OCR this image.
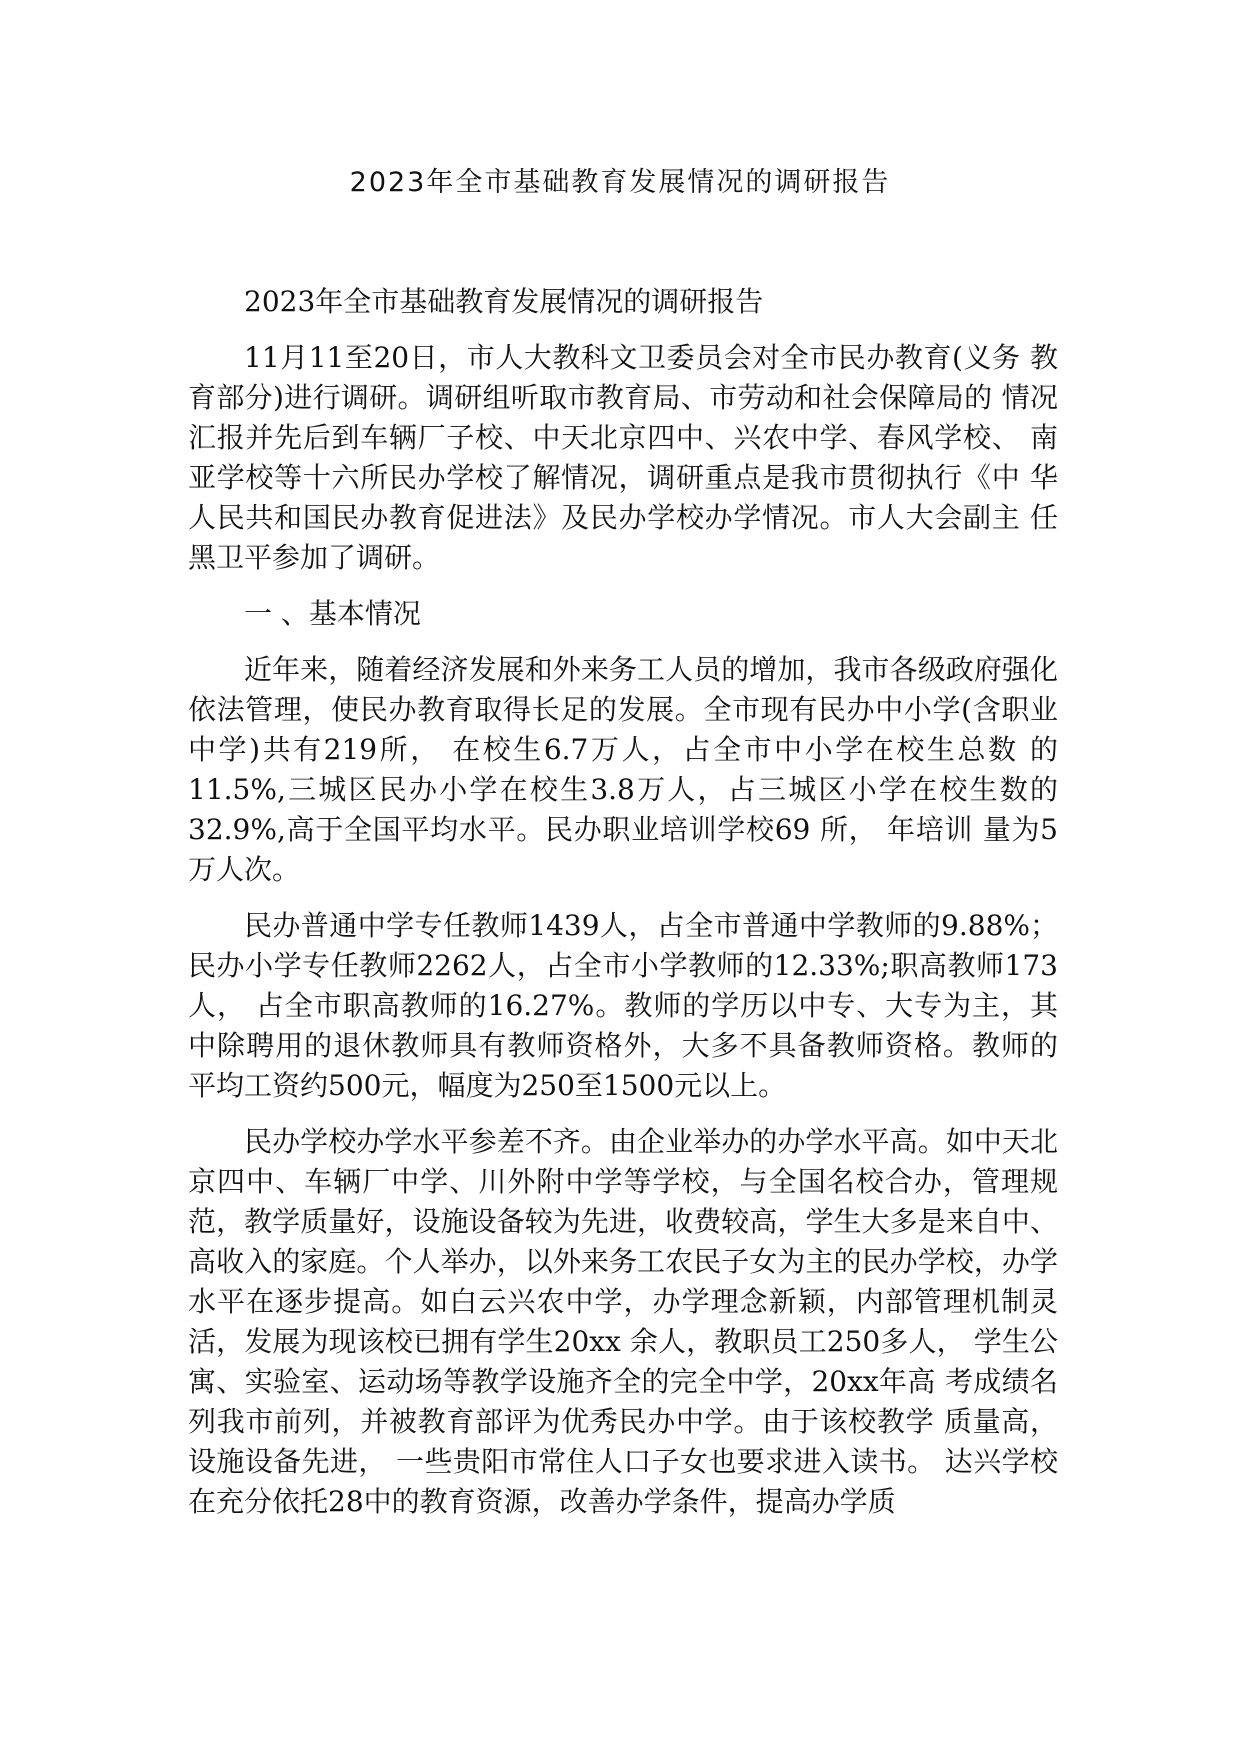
2023年全市基础教育发展情况的调研报告

2023年全市基础教育发展情况的调研报告

11月11至20日，市人大教科文卫委员会对全市民办教育(义务 教育部分)进行调研。调研组听取市教育局、市劳动和社会保障局的 情况汇报并先后到车辆厂子校、中天北京四中、兴农中学、春风学校、 南亚学校等十六所民办学校了解情况，调研重点是我市贯彻执行《中 华人民共和国民办教育促进法》及民办学校办学情况。市人大会副主 任黑卫平参加了调研。

一 、基本情况

近年来，随着经济发展和外来务工人员的增加，我市各级政府强化依法管理，使民办教育取得长足的发展。全市现有民办中小学(含职业中学)共有219所， 在校生6.7万人，占全市中小学在校生总数 的11.5%,三城区民办小学在校生3.8万人，占三城区小学在校生数的32.9%,高于全国平均水平。民办职业培训学校69 所， 年培训 量为5万人次。

民办普通中学专任教师1439人，占全市普通中学教师的9.88%； 民办小学专任教师2262人，占全市小学教师的12.33%;职高教师173 人， 占全市职高教师的16.27%。教师的学历以中专、大专为主，其 中除聘用的退休教师具有教师资格外，大多不具备教师资格。教师的 平均工资约500元，幅度为250至1500元以上。

民办学校办学水平参差不齐。由企业举办的办学水平高。如中天北京四中、车辆厂中学、川外附中学等学校，与全国名校合办，管理规范，教学质量好，设施设备较为先进，收费较高，学生大多是来自中、高收入的家庭。个人举办，以外来务工农民子女为主的民办学校，办学水平在逐步提高。如白云兴农中学，办学理念新颖，内部管理机制灵活，发展为现该校已拥有学生20xx 余人，教职员工250多人， 学生公寓、实验室、运动场等教学设施齐全的完全中学，20xx年高 考成绩名列我市前列，并被教育部评为优秀民办中学。由于该校教学 质量高，设施设备先进， 一些贵阳市常住人口子女也要求进入读书。 达兴学校在充分依托28中的教育资源，改善办学条件，提高办学质
